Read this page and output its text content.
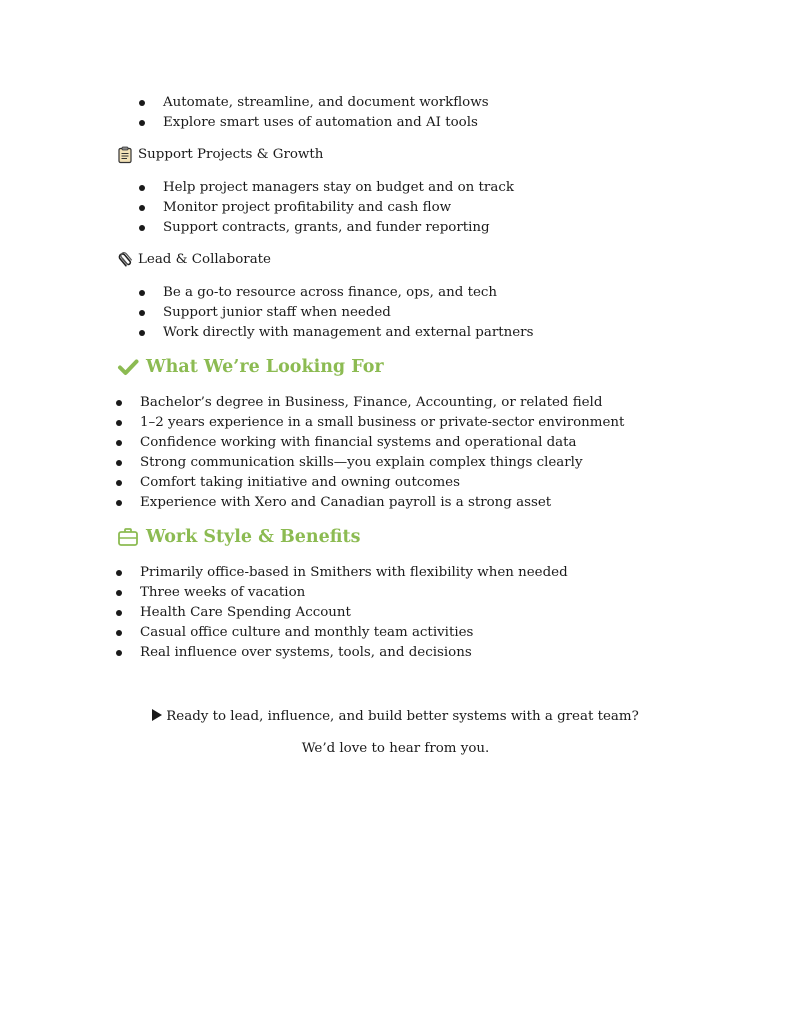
Automate, streamline, and document workflows
Explore smart uses of automation and AI tools
Support Projects & Growth
Help project managers stay on budget and on track
Monitor project profitability and cash flow
Support contracts, grants, and funder reporting
Lead & Collaborate
Be a go-to resource across finance, ops, and tech
Support junior staff when needed
Work directly with management and external partners
What We’re Looking For
Bachelor’s degree in Business, Finance, Accounting, or related field
1–2 years experience in a small business or private-sector environment
Confidence working with financial systems and operational data
Strong communication skills—you explain complex things clearly
Comfort taking initiative and owning outcomes
Experience with Xero and Canadian payroll is a strong asset
Work Style & Benefits
Primarily office-based in Smithers with flexibility when needed
Three weeks of vacation
Health Care Spending Account
Casual office culture and monthly team activities
Real influence over systems, tools, and decisions
Ready to lead, influence, and build better systems with a great team?
We’d love to hear from you.
